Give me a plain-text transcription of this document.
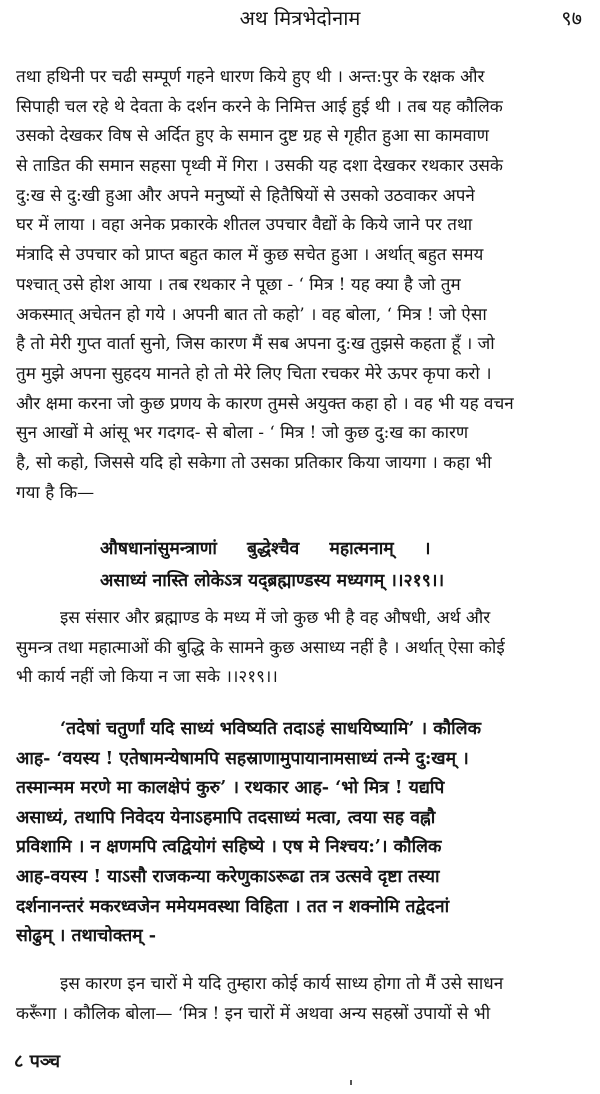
अथ मित्रभेदोनाम	९७
तथा हथिनी पर चढी सम्पूर्ण गहने धारण किये हुए थी । अन्त:पुर के रक्षक और
सिपाही चल रहे थे देवता के दर्शन करने के निमित्त आई हुई थी । तब यह कौलिक
उसको देखकर विष से अर्दित हुए के समान दुष्ट ग्रह से गृहीत हुआ सा कामवाण
से ताडित की समान सहसा पृथ्वी में गिरा । उसकी यह दशा देखकर रथकार उसके
दु:ख से दु:खी हुआ और अपने मनुष्यों से हितैषियों से उसको उठवाकर अपने
घर में लाया । वहा अनेक प्रकारके शीतल उपचार वैद्यों के किये जाने पर तथा
मंत्रादि से उपचार को प्राप्त बहुत काल में कुछ सचेत हुआ । अर्थात् बहुत समय
पश्चात् उसे होश आया । तब रथकार ने पूछा - ‘ मित्र ! यह क्या है जो तुम
अकस्मात् अचेतन हो गये । अपनी बात तो कहो’ । वह बोला, ‘ मित्र ! जो ऐसा
है तो मेरी गुप्त वार्ता सुनो, जिस कारण मैं सब अपना दु:ख तुझसे कहता हूँ । जो
तुम मुझे अपना सुहदय मानते हो तो मेरे लिए चिता रचकर मेरे ऊपर कृपा करो ।
और क्षमा करना जो कुछ प्रणय के कारण तुमसे अयुक्त कहा हो । वह भी यह वचन
सुन आखों मे आंसू भर गदगद- से बोला - ‘ मित्र ! जो कुछ दु:ख का कारण
है, सो कहो, जिससे यदि हो सकेगा तो उसका प्रतिकार किया जायगा । कहा भी
गया है कि—
औषधानांसुमन्त्राणां बुद्धेश्चैव महात्मनाम् ।
असाध्यं नास्ति लोकेऽत्र यद्ब्रह्माण्डस्य मध्यगम् ।।२१९।।
इस संसार और ब्रह्माण्ड के मध्य में जो कुछ भी है वह औषधी, अर्थ और
सुमन्त्र तथा महात्माओं की बुद्धि के सामने कुछ असाध्य नहीं है । अर्थात् ऐसा कोई
भी कार्य नहीं जो किया न जा सके ।।२१९।।
‘तदेषां चतुर्णां यदि साध्यं भविष्यति तदाऽहं साधयिष्यामि’ । कौलिक
आह- ‘वयस्य ! एतेषामन्येषामपि सहस्राणामुपायानामसाध्यं तन्मे दु:खम् ।
तस्मान्मम मरणे मा कालक्षेपं कुरु’ । रथकार आह- ‘भो मित्र ! यद्यपि
असाध्यं, तथापि निवेदय येनाऽहमापि तदसाध्यं मत्वा, त्वया सह वह्नौ
प्रविशामि । न क्षणमपि त्वद्वियोगं सहिष्ये । एष मे निश्चय:’। कौलिक
आह-वयस्य ! याऽसौ राजकन्या करेणुकाऽरूढा तत्र उत्सवे दृष्टा तस्या
दर्शनानन्तरं मकरध्वजेन ममेयमवस्था विहिता । तत न शक्नोमि तद्वेदनां
सोढुम् । तथाचोक्तम् -
इस कारण इन चारों मे यदि तुम्हारा कोई कार्य साध्य होगा तो मैं उसे साधन
करूँगा । कौलिक बोला— ‘मित्र ! इन चारों में अथवा अन्य सहस्रों उपायों से भी
८ पञ्च
